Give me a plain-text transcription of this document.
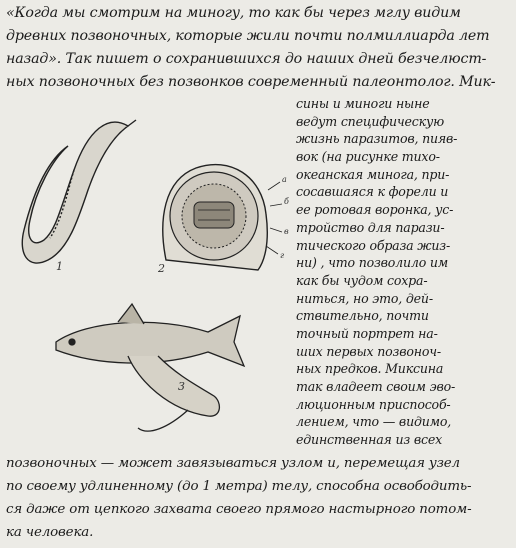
«Когда мы смотрим на миногу, то как бы через мглу видим

древних позвоночных, которые жили почти полмиллиарда лет

назад». Так пишет о сохранившихся до наших дней безчелюст-

ных позвоночных без позвонков современный палеонтолог. Мик-

сины и миноги ныне

ведут специфическую

жизнь паразитов, пияв-

вок (на рисунке тихо-

океанская минога, при-

сосавшаяся к форели и

ее ротовая воронка, ус-

тройство для парази-

тического образа жиз-

ни) , что позволило им

как бы чудом сохра-

ниться, но это, дей-

ствительно, почти

точный портрет на-

ших первых позвоноч-

ных предков. Миксина

так владеет своим эво-

люционным приспособ-

лением, что — видимо,

единственная из всех

а
б
в
г
1	2
3

позвоночных — может завязываться узлом и, перемещая узел

по своему удлиненному (до 1 метра) телу, способна освободить-

ся даже от цепкого захвата своего прямого настырного потом-

ка человека.
